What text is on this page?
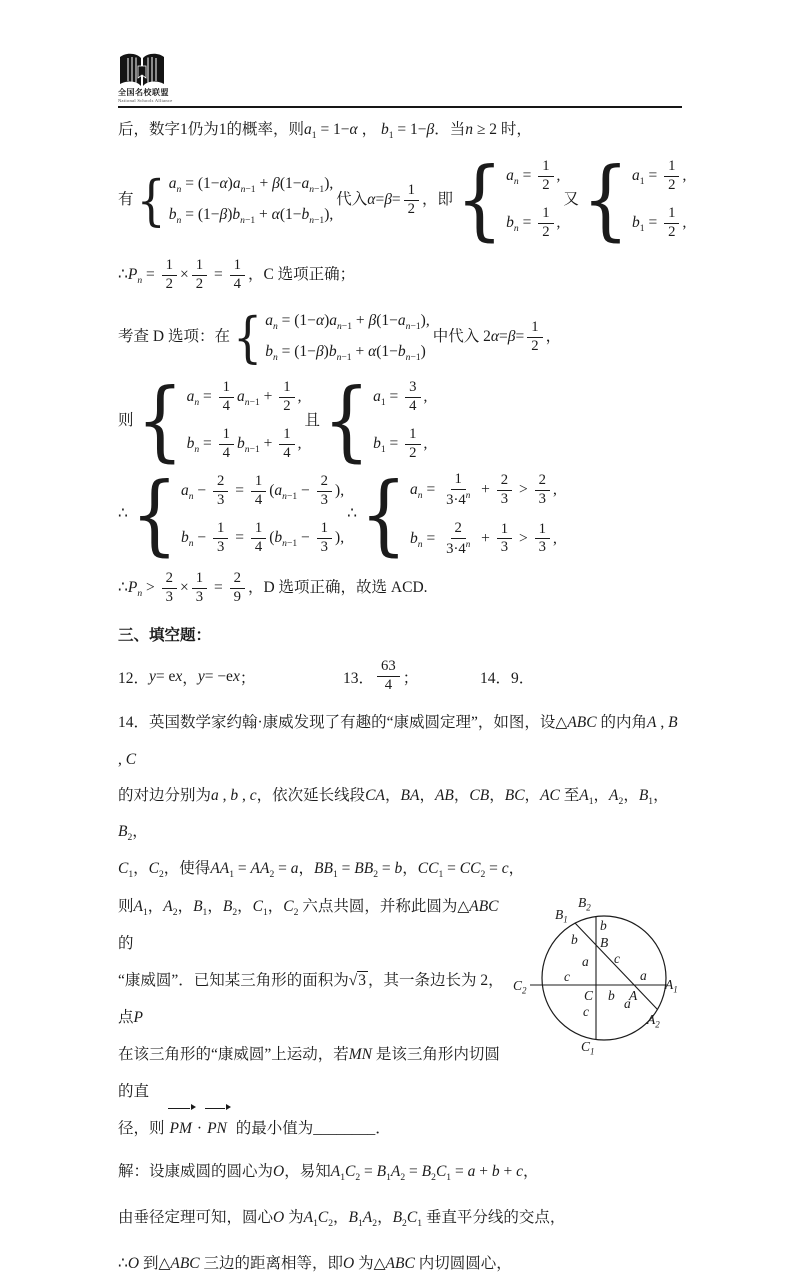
全国名校联盟
National Schools Alliance

后，数字1仍为1的概率，则$a_1 = 1-\alpha$ ， $b_1 = 1-\beta$．当n ≥ 2 时，

有 { $a_n = (1-\alpha)a_{n-1} + \beta(1-a_{n-1})$,
$b_n = (1-\beta)b_{n-1} + \alpha(1-b_{n-1})$,
代入 α = β =
1
2
，即 { $a_n = \frac{1}{2}$ ,
$b_n = \frac{1}{2}$ ,
又 { $a_1 = \frac{1}{2}$ ,
$b_1 = \frac{1}{2}$ ,

$\therefore P_n = \frac{1}{2} \times \frac{1}{2} = \frac{1}{4}$ ，C 选项正确；

考查 D 选项：在 { $a_n = (1-\alpha)a_{n-1} + \beta(1-a_{n-1})$,
$b_n = (1-\beta)b_{n-1} + \alpha(1-b_{n-1})$
中代入 2 α = β =
1
2
，
则 { $a_n = \frac{1}{4} a_{n-1} + \frac{1}{2}$ ,
$b_n = \frac{1}{4} b_{n-1} + \frac{1}{4}$ ,
且 { $a_1 = \frac{3}{4}$ ,
$b_1 = \frac{1}{2}$ ,
∴ { $a_n - \frac{2}{3} = \frac{1}{4} (a_{n-1} - \frac{2}{3}$ ),
$b_n - \frac{1}{3} = \frac{1}{4} (b_{n-1} - \frac{1}{3}$ ),
∴ { $a_n = \frac{1}{3\cdot 4^n} + \frac{2}{3} > \frac{2}{3}$ ,
$b_n = \frac{2}{3\cdot 4^n} + \frac{1}{3} > \frac{1}{3}$ ,

$\therefore P_n > \frac{2}{3} \times \frac{1}{3} = \frac{2}{9}$ ，D 选项正确，故选 ACD.

三、填空题：

12． y = e x ， y = −e x ；	13．
63
4 ；	14．9．

14．英国数学家约翰·康威发现了有趣的“康威圆定理”，如图，设△ABC 的内角A , B , C

的对边分别为a , b , c，依次延长线段CA，BA，AB，CB，BC，AC 至$A_1$，$A_2$，$B_1$，$B_2$，

$C_1$，$C_2$，使得$AA_1 = AA_2 = a$，$BB_1 = BB_2 = b$，$CC_1 = CC_2 = c$，

则$A_1$，$A_2$，$B_1$，$B_2$，$C_1$，$C_2$ 六点共圆，并称此圆为△ABC 的

“康威圆”．已知某三角形的面积为√3 ，其一条边长为 2，点P

在该三角形的“康威圆”上运动，若MN 是该三角形内切圆的直

径，则 PM · PN 的最小值为________．

$B_1$
$B_2$
b
b B
a c
c
C b
a
A
$A_1$
$C_2$
a
$A_2$
c
$C_1$

解：设康威圆的圆心为O，易知$A_1C_2 = B_1A_2 = B_2C_1 = a + b + c$，

由垂径定理可知，圆心O 为$A_1C_2$，$B_1A_2$，$B_2C_1$ 垂直平分线的交点，

∴O 到△ABC 三边的距离相等，即O 为△ABC 内切圆圆心，
